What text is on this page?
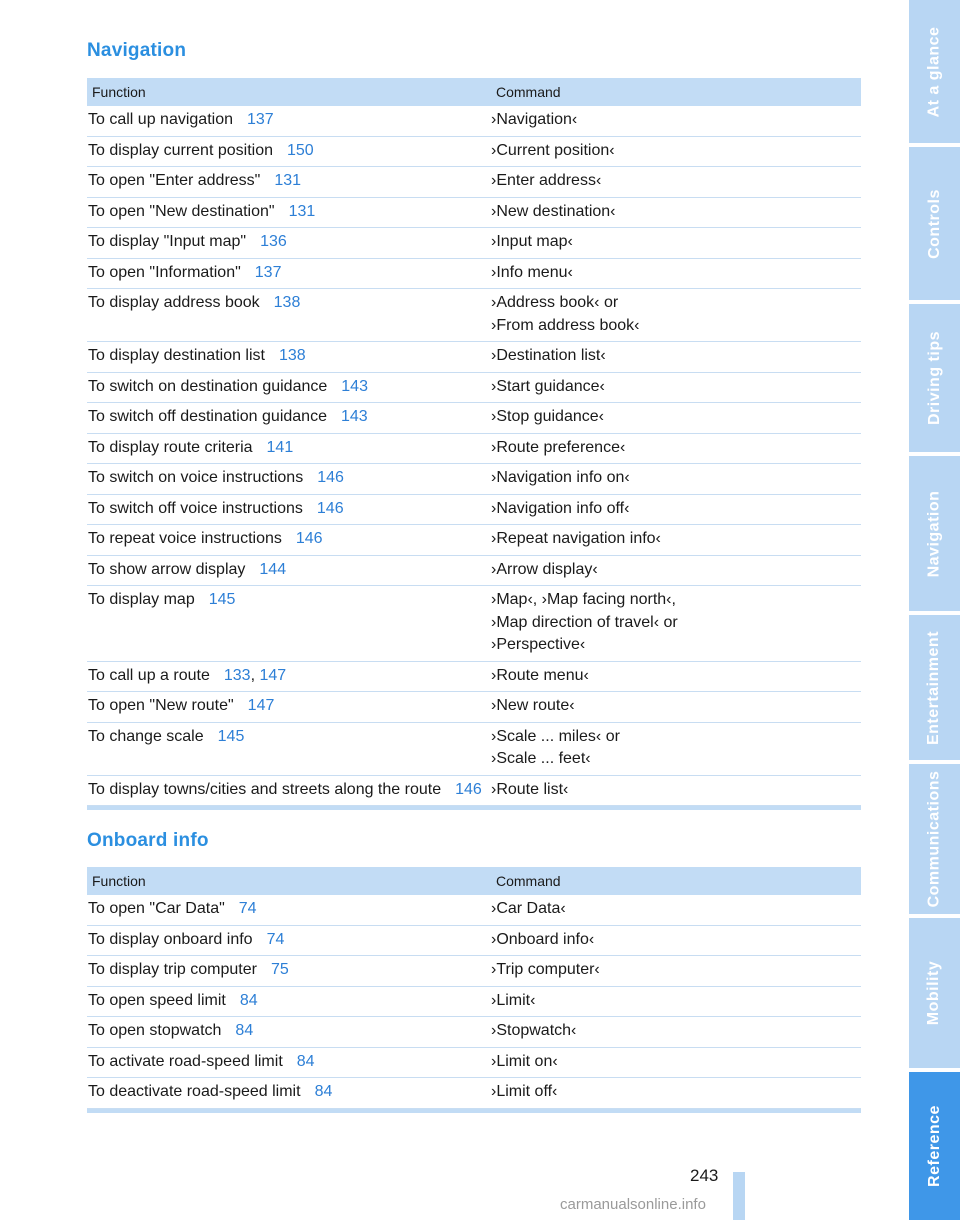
Navigation
Function	Command
To call up navigation 137	›Navigation‹
To display current position 150	›Current position‹
To open "Enter address" 131	›Enter address‹
To open "New destination" 131	›New destination‹
To display "Input map" 136	›Input map‹
To open "Information" 137	›Info menu‹
To display address book 138	›Address book‹ or
›From address book‹
To display destination list 138	›Destination list‹
To switch on destination guidance 143	›Start guidance‹
To switch off destination guidance 143	›Stop guidance‹
To display route criteria 141	›Route preference‹
To switch on voice instructions 146	›Navigation info on‹
To switch off voice instructions 146	›Navigation info off‹
To repeat voice instructions 146	›Repeat navigation info‹
To show arrow display 144	›Arrow display‹
To display map 145	›Map‹, ›Map facing north‹,
›Map direction of travel‹ or
›Perspective‹
To call up a route 133, 147	›Route menu‹
To open "New route" 147	›New route‹
To change scale 145	›Scale ... miles‹ or
›Scale ... feet‹
To display towns/cities and streets along the route 146 ›Route list‹
Onboard info
Function	Command
To open "Car Data" 74	›Car Data‹
To display onboard info 74	›Onboard info‹
To display trip computer 75	›Trip computer‹
To open speed limit 84	›Limit‹
To open stopwatch 84	›Stopwatch‹
To activate road-speed limit 84	›Limit on‹
To deactivate road-speed limit 84	›Limit off‹
At a glance
Controls
Driving tips
Navigation
Entertainment
Communications
Mobility
Reference
243
carmanualsonline.info
